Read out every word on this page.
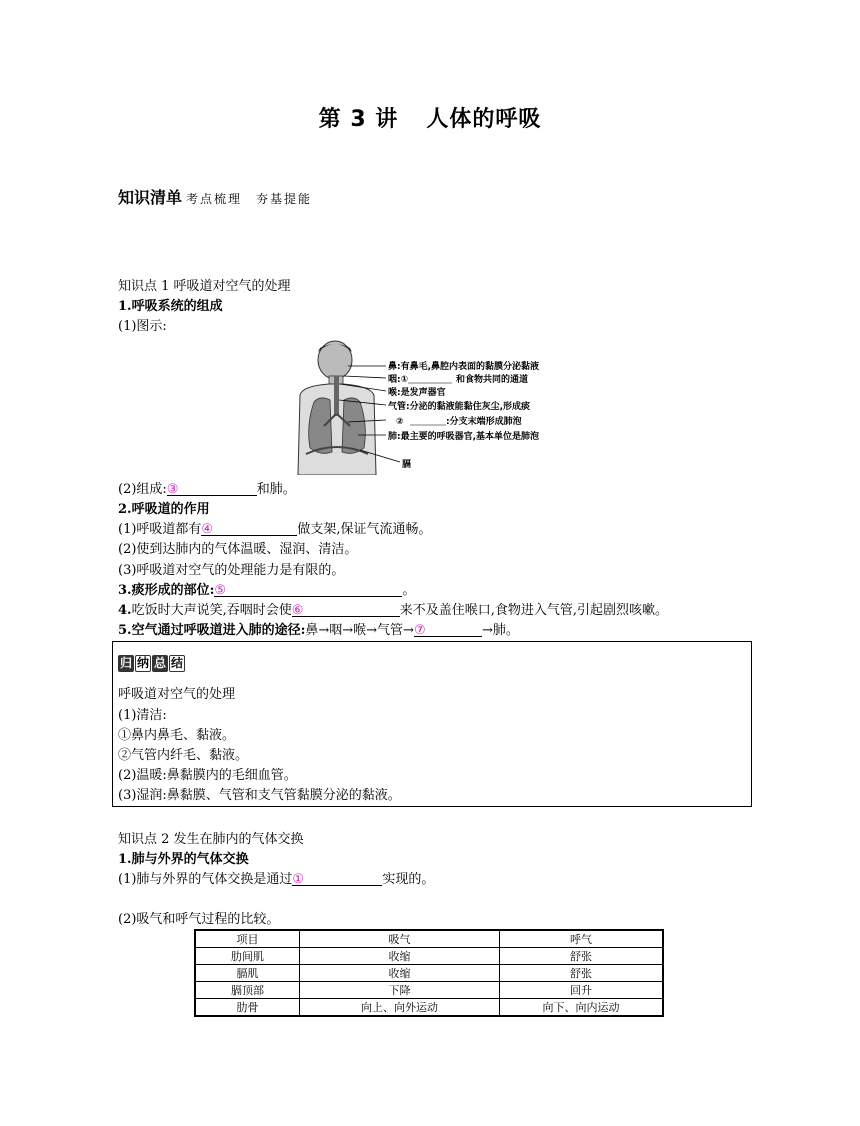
第 3 讲 人体的呼吸
知识清单 考点梳理　夯基提能
知识点 1 呼吸道对空气的处理
1.呼吸系统的组成
(1)图示:
鼻:有鼻毛,鼻腔内表面的黏膜分泌黏液
咽:①	和食物共同的通道
喉:是发声器官
气管:分泌的黏液能黏住灰尘,形成痰
②	:分支末端形成肺泡
肺:最主要的呼吸器官,基本单位是肺泡
膈
(2)组成:③	和肺。
2.呼吸道的作用
(1)呼吸道都有④	做支架,保证气流通畅。
(2)使到达肺内的气体温暖、湿润、清洁。
(3)呼吸道对空气的处理能力是有限的。
3.痰形成的部位:⑤	。
4.吃饭时大声说笑,吞咽时会使⑥	来不及盖住喉口,食物进入气管,引起剧烈咳嗽。
5.空气通过呼吸道进入肺的途径:鼻→咽→喉→气管→⑦	→肺。
归 纳 总 结
呼吸道对空气的处理
(1)清洁:
①鼻内鼻毛、黏液。
②气管内纤毛、黏液。
(2)温暖:鼻黏膜内的毛细血管。
(3)湿润:鼻黏膜、气管和支气管黏膜分泌的黏液。
知识点 2 发生在肺内的气体交换
1.肺与外界的气体交换
(1)肺与外界的气体交换是通过①	实现的。
(2)吸气和呼气过程的比较。
项目	吸气	呼气
肋间肌	收缩	舒张
膈肌	收缩	舒张
膈顶部	下降	回升
肋骨	向上、向外运动	向下、向内运动
